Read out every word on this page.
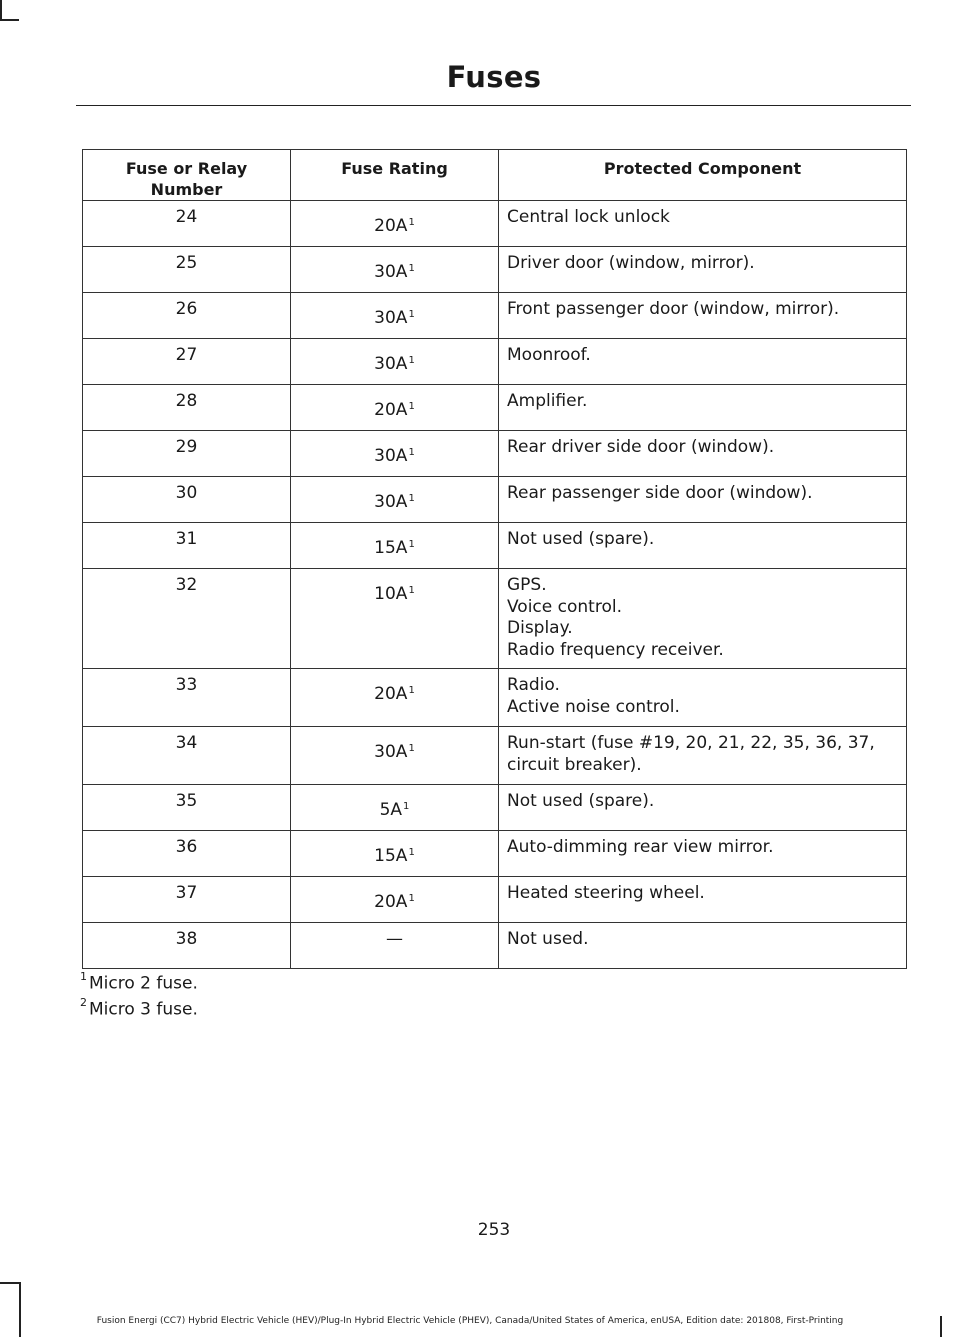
Fuses
Fuse or Relay Number	Fuse Rating	Protected Component
24	20A$^1$	Central lock unlock

25	30A$^1$	Driver door (window, mirror).

26	30A$^1$	Front passenger door (window, mirror).

27	30A$^1$	Moonroof.

28	20A$^1$	Amplifier.

29	30A$^1$	Rear driver side door (window).

30	30A$^1$	Rear passenger side door (window).

31	15A$^1$	Not used (spare).

32	10A$^1$	GPS.
Voice control.
Display.
Radio frequency receiver.

33	20A$^1$	Radio.
Active noise control.

34	30A$^1$	Run-start (fuse #19, 20, 21, 22, 35, 36, 37, circuit breaker).

35	5A$^1$	Not used (spare).

36	15A$^1$	Auto-dimming rear view mirror.

37	20A$^1$	Heated steering wheel.

38	—	Not used.
$^1$ Micro 2 fuse.
$^2$ Micro 3 fuse.
253
Fusion Energi (CC7) Hybrid Electric Vehicle (HEV)/Plug-In Hybrid Electric Vehicle (PHEV), Canada/United States of America, enUSA, Edition date: 201808, First-Printing
